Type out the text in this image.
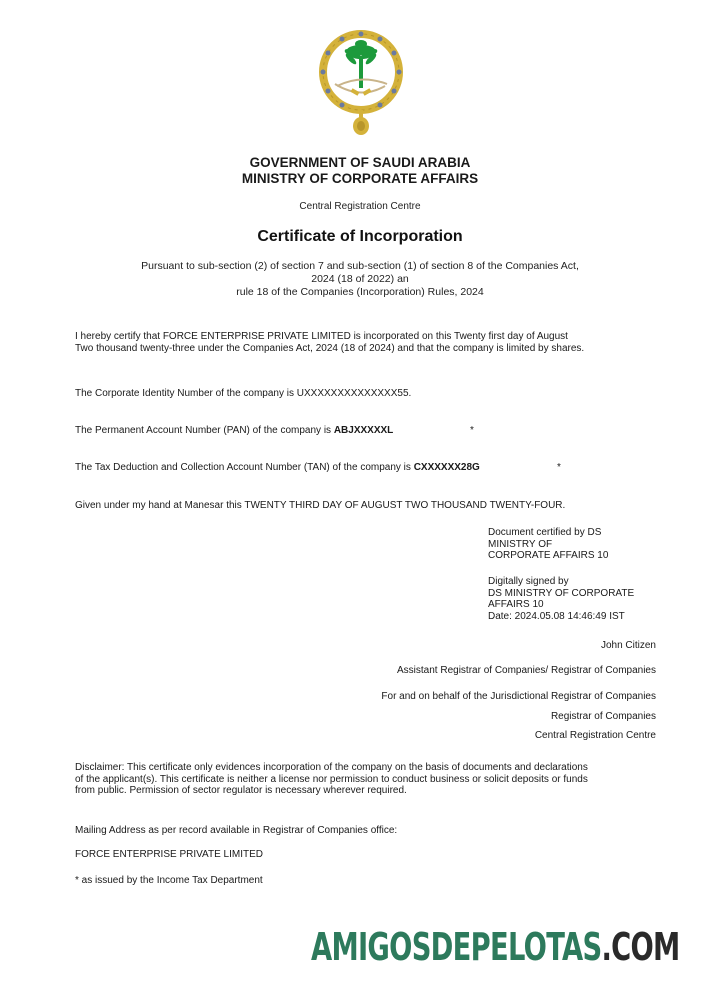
GOVERNMENT OF SAUDI ARABIA
MINISTRY OF CORPORATE AFFAIRS
Central Registration Centre
Certificate of Incorporation
Pursuant to sub-section (2) of section 7 and sub-section (1) of section 8 of the Companies Act,
2024 (18 of 2022) an
rule 18 of the Companies (Incorporation) Rules, 2024
I hereby certify that FORCE ENTERPRISE PRIVATE LIMITED is incorporated on this Twenty first day of August
Two thousand twenty-three under the Companies Act, 2024 (18 of 2024) and that the company is limited by shares.
The Corporate Identity Number of the company is UXXXXXXXXXXXXXX55.
The Permanent Account Number (PAN) of the company is ABJXXXXXL	*
The Tax Deduction and Collection Account Number (TAN) of the company is CXXXXXX28G	*
Given under my hand at Manesar this TWENTY THIRD DAY OF AUGUST TWO THOUSAND TWENTY-FOUR.
Document certified by DS
MINISTRY OF
CORPORATE AFFAIRS 10
Digitally signed by
DS MINISTRY OF CORPORATE
AFFAIRS 10
Date: 2024.05.08 14:46:49 IST
John Citizen
Assistant Registrar of Companies/ Registrar of Companies
For and on behalf of the Jurisdictional Registrar of Companies
Registrar of Companies
Central Registration Centre
Disclaimer: This certificate only evidences incorporation of the company on the basis of documents and declarations
of the applicant(s). This certificate is neither a license nor permission to conduct business or solicit deposits or funds
from public. Permission of sector regulator is necessary wherever required.
Mailing Address as per record available in Registrar of Companies office:
FORCE ENTERPRISE PRIVATE LIMITED
* as issued by the Income Tax Department
AMIGOSDEPELOTAS.COM
